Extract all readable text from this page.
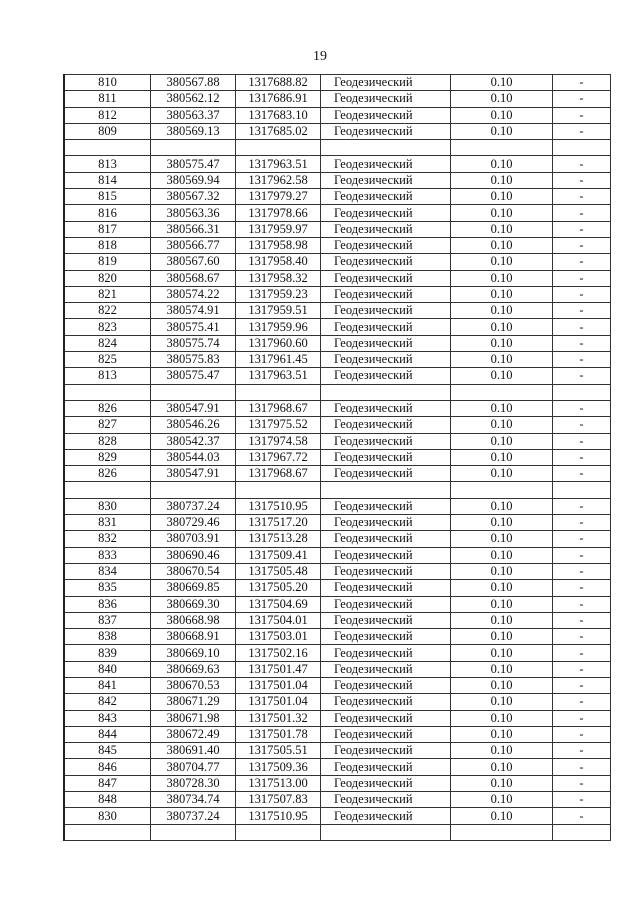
19
810	380567.88	1317688.82	Геодезический	0.10	-
811	380562.12	1317686.91	Геодезический	0.10	-
812	380563.37	1317683.10	Геодезический	0.10	-
809	380569.13	1317685.02	Геодезический	0.10	-

813	380575.47	1317963.51	Геодезический	0.10	-
814	380569.94	1317962.58	Геодезический	0.10	-
815	380567.32	1317979.27	Геодезический	0.10	-
816	380563.36	1317978.66	Геодезический	0.10	-
817	380566.31	1317959.97	Геодезический	0.10	-
818	380566.77	1317958.98	Геодезический	0.10	-
819	380567.60	1317958.40	Геодезический	0.10	-
820	380568.67	1317958.32	Геодезический	0.10	-
821	380574.22	1317959.23	Геодезический	0.10	-
822	380574.91	1317959.51	Геодезический	0.10	-
823	380575.41	1317959.96	Геодезический	0.10	-
824	380575.74	1317960.60	Геодезический	0.10	-
825	380575.83	1317961.45	Геодезический	0.10	-
813	380575.47	1317963.51	Геодезический	0.10	-

826	380547.91	1317968.67	Геодезический	0.10	-
827	380546.26	1317975.52	Геодезический	0.10	-
828	380542.37	1317974.58	Геодезический	0.10	-
829	380544.03	1317967.72	Геодезический	0.10	-
826	380547.91	1317968.67	Геодезический	0.10	-

830	380737.24	1317510.95	Геодезический	0.10	-
831	380729.46	1317517.20	Геодезический	0.10	-
832	380703.91	1317513.28	Геодезический	0.10	-
833	380690.46	1317509.41	Геодезический	0.10	-
834	380670.54	1317505.48	Геодезический	0.10	-
835	380669.85	1317505.20	Геодезический	0.10	-
836	380669.30	1317504.69	Геодезический	0.10	-
837	380668.98	1317504.01	Геодезический	0.10	-
838	380668.91	1317503.01	Геодезический	0.10	-
839	380669.10	1317502.16	Геодезический	0.10	-
840	380669.63	1317501.47	Геодезический	0.10	-
841	380670.53	1317501.04	Геодезический	0.10	-
842	380671.29	1317501.04	Геодезический	0.10	-
843	380671.98	1317501.32	Геодезический	0.10	-
844	380672.49	1317501.78	Геодезический	0.10	-
845	380691.40	1317505.51	Геодезический	0.10	-
846	380704.77	1317509.36	Геодезический	0.10	-
847	380728.30	1317513.00	Геодезический	0.10	-
848	380734.74	1317507.83	Геодезический	0.10	-
830	380737.24	1317510.95	Геодезический	0.10	-
